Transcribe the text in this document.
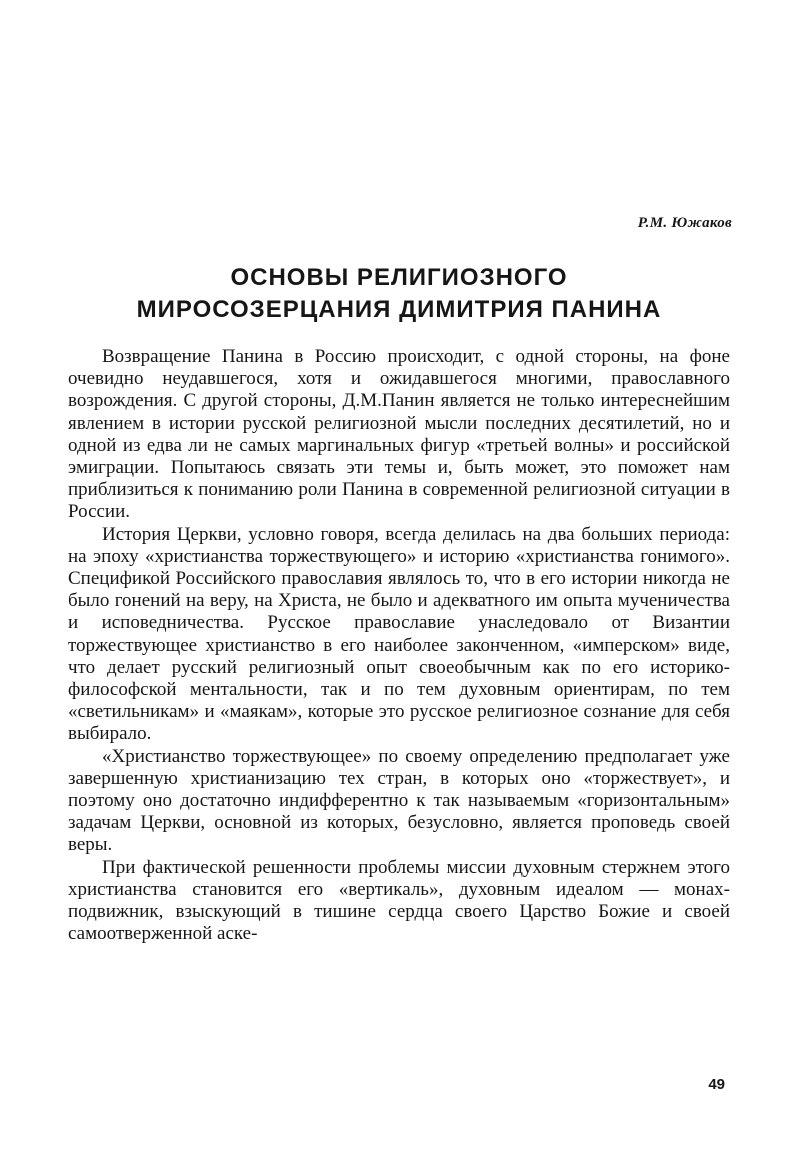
Р.М. Южаков
ОСНОВЫ РЕЛИГИОЗНОГО
МИРОСОЗЕРЦАНИЯ ДИМИТРИЯ ПАНИНА

Возвращение Панина в Россию происходит, с одной стороны, на фоне очевидно неудавшегося, хотя и ожидавшегося многими, православного возрождения. С другой стороны, Д.М.Панин является не только интереснейшим явлением в истории русской религиозной мысли последних десятилетий, но и одной из едва ли не самых маргинальных фигур «третьей волны» и российской эмиграции. Попытаюсь связать эти темы и, быть может, это поможет нам приблизиться к пониманию роли Панина в современной религиозной ситуации в России.

История Церкви, условно говоря, всегда делилась на два больших периода: на эпоху «христианства торжествующего» и историю «христианства гонимого». Спецификой Российского православия являлось то, что в его истории никогда не было гонений на веру, на Христа, не было и адекватного им опыта мученичества и исповедничества. Русское православие унаследовало от Византии торжествующее христианство в его наиболее законченном, «имперском» виде, что делает русский религиозный опыт своеобычным как по его историко-философской ментальности, так и по тем духовным ориентирам, по тем «светильникам» и «маякам», которые это русское религиозное сознание для себя выбирало.

«Христианство торжествующее» по своему определению предполагает уже завершенную христианизацию тех стран, в которых оно «торжествует», и поэтому оно достаточно индифферентно к так называемым «горизонтальным» задачам Церкви, основной из которых, безусловно, является проповедь своей веры.

При фактической решенности проблемы миссии духовным стержнем этого христианства становится его «вертикаль», духовным идеалом — монах-подвижник, взыскующий в тишине сердца своего Царство Божие и своей самоотверженной аске-

49
